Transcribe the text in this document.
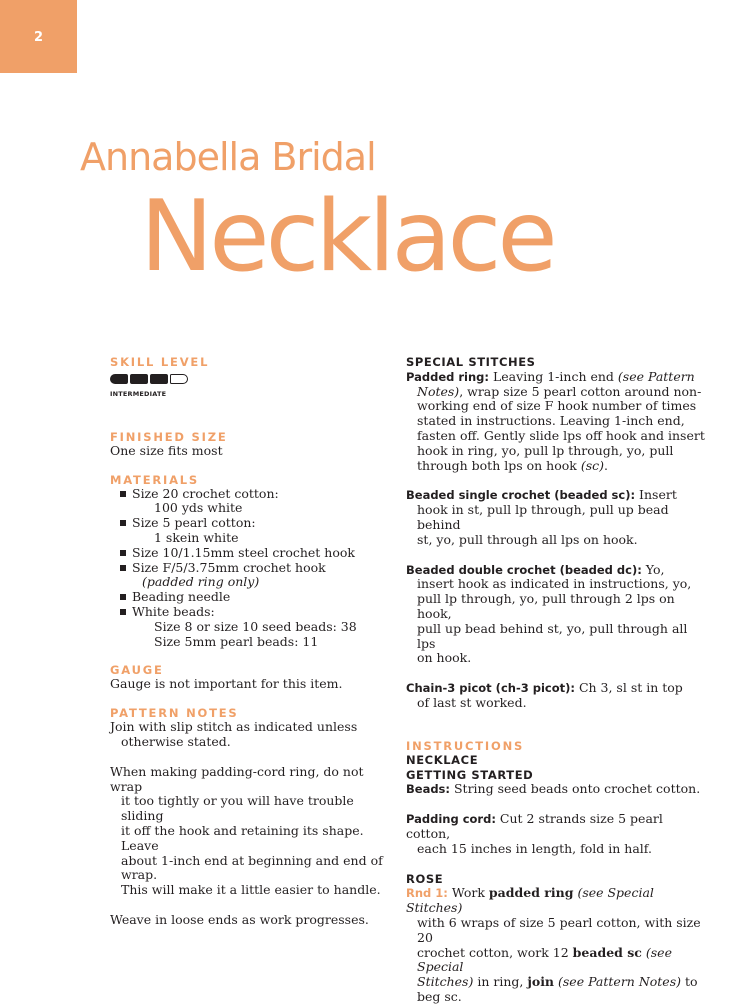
2
Annabella Bridal
Necklace
SKILL LEVEL
INTERMEDIATE
FINISHED SIZE

One size fits most

MATERIALS
Size 20 crochet cotton:
100 yds white
Size 5 pearl cotton:
1 skein white
Size 10/1.15mm steel crochet hook
Size F/5/3.75mm crochet hook
(padded ring only)
Beading needle
White beads:
Size 8 or size 10 seed beads: 38
Size 5mm pearl beads: 11
GAUGE

Gauge is not important for this item.

PATTERN NOTES
Join with slip stitch as indicated unless
otherwise stated.
When making padding-cord ring, do not wrap
it too tightly or you will have trouble sliding
it off the hook and retaining its shape. Leave
about 1-inch end at beginning and end of wrap.
This will make it a little easier to handle.
Weave in loose ends as work progresses.
SPECIAL STITCHES
Padded ring: Leaving 1-inch end (see Pattern
Notes), wrap size 5 pearl cotton around non-
working end of size F hook number of times
stated in instructions. Leaving 1-inch end,
fasten off. Gently slide lps off hook and insert
hook in ring, yo, pull lp through, yo, pull
through both lps on hook (sc).
Beaded single crochet (beaded sc): Insert
hook in st, pull lp through, pull up bead behind
st, yo, pull through all lps on hook.
Beaded double crochet (beaded dc): Yo,
insert hook as indicated in instructions, yo,
pull lp through, yo, pull through 2 lps on hook,
pull up bead behind st, yo, pull through all lps
on hook.
Chain-3 picot (ch-3 picot): Ch 3, sl st in top
of last st worked.
INSTRUCTIONS
NECKLACE
GETTING STARTED
Beads: String seed beads onto crochet cotton.
Padding cord: Cut 2 strands size 5 pearl cotton,
each 15 inches in length, fold in half.
ROSE
Rnd 1: Work padded ring (see Special Stitches)
with 6 wraps of size 5 pearl cotton, with size 20
crochet cotton, work 12 beaded sc (see Special
Stitches) in ring, join (see Pattern Notes) to beg sc.
